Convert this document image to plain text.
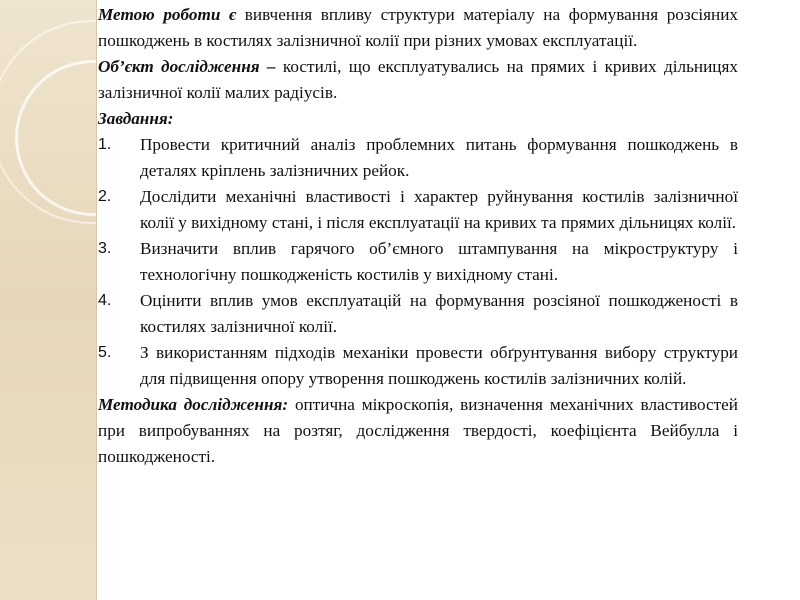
Метою роботи є вивчення впливу структури матеріалу на формування розсіяних пошкоджень в костилях залізничної колії при різних умовах експлуатації.

Об’єкт дослідження – костилі, що експлуатувались на прямих і кривих дільницях залізничної колії малих радіусів.

Завдання:

1. Провести критичний аналіз проблемних питань формування пошкоджень в деталях кріплень залізничних рейок.
2. Дослідити механічні властивості і характер руйнування костилів залізничної колії у вихідному стані, і після експлуатації на кривих та прямих дільницях колії.
3. Визначити вплив гарячого об’ємного штампування на мікроструктуру і технологічну пошкодженість костилів у вихідному стані.
4. Оцінити вплив умов експлуатацій на формування розсіяної пошкодженості в костилях залізничної колії.
5. З використанням підходів механіки провести обґрунтування вибору структури для підвищення опору утворення пошкоджень костилів залізничних колій.

Методика дослідження: оптична мікроскопія, визначення механічних властивостей при випробуваннях на розтяг, дослідження твердості, коефіцієнта Вейбулла і пошкодженості.
